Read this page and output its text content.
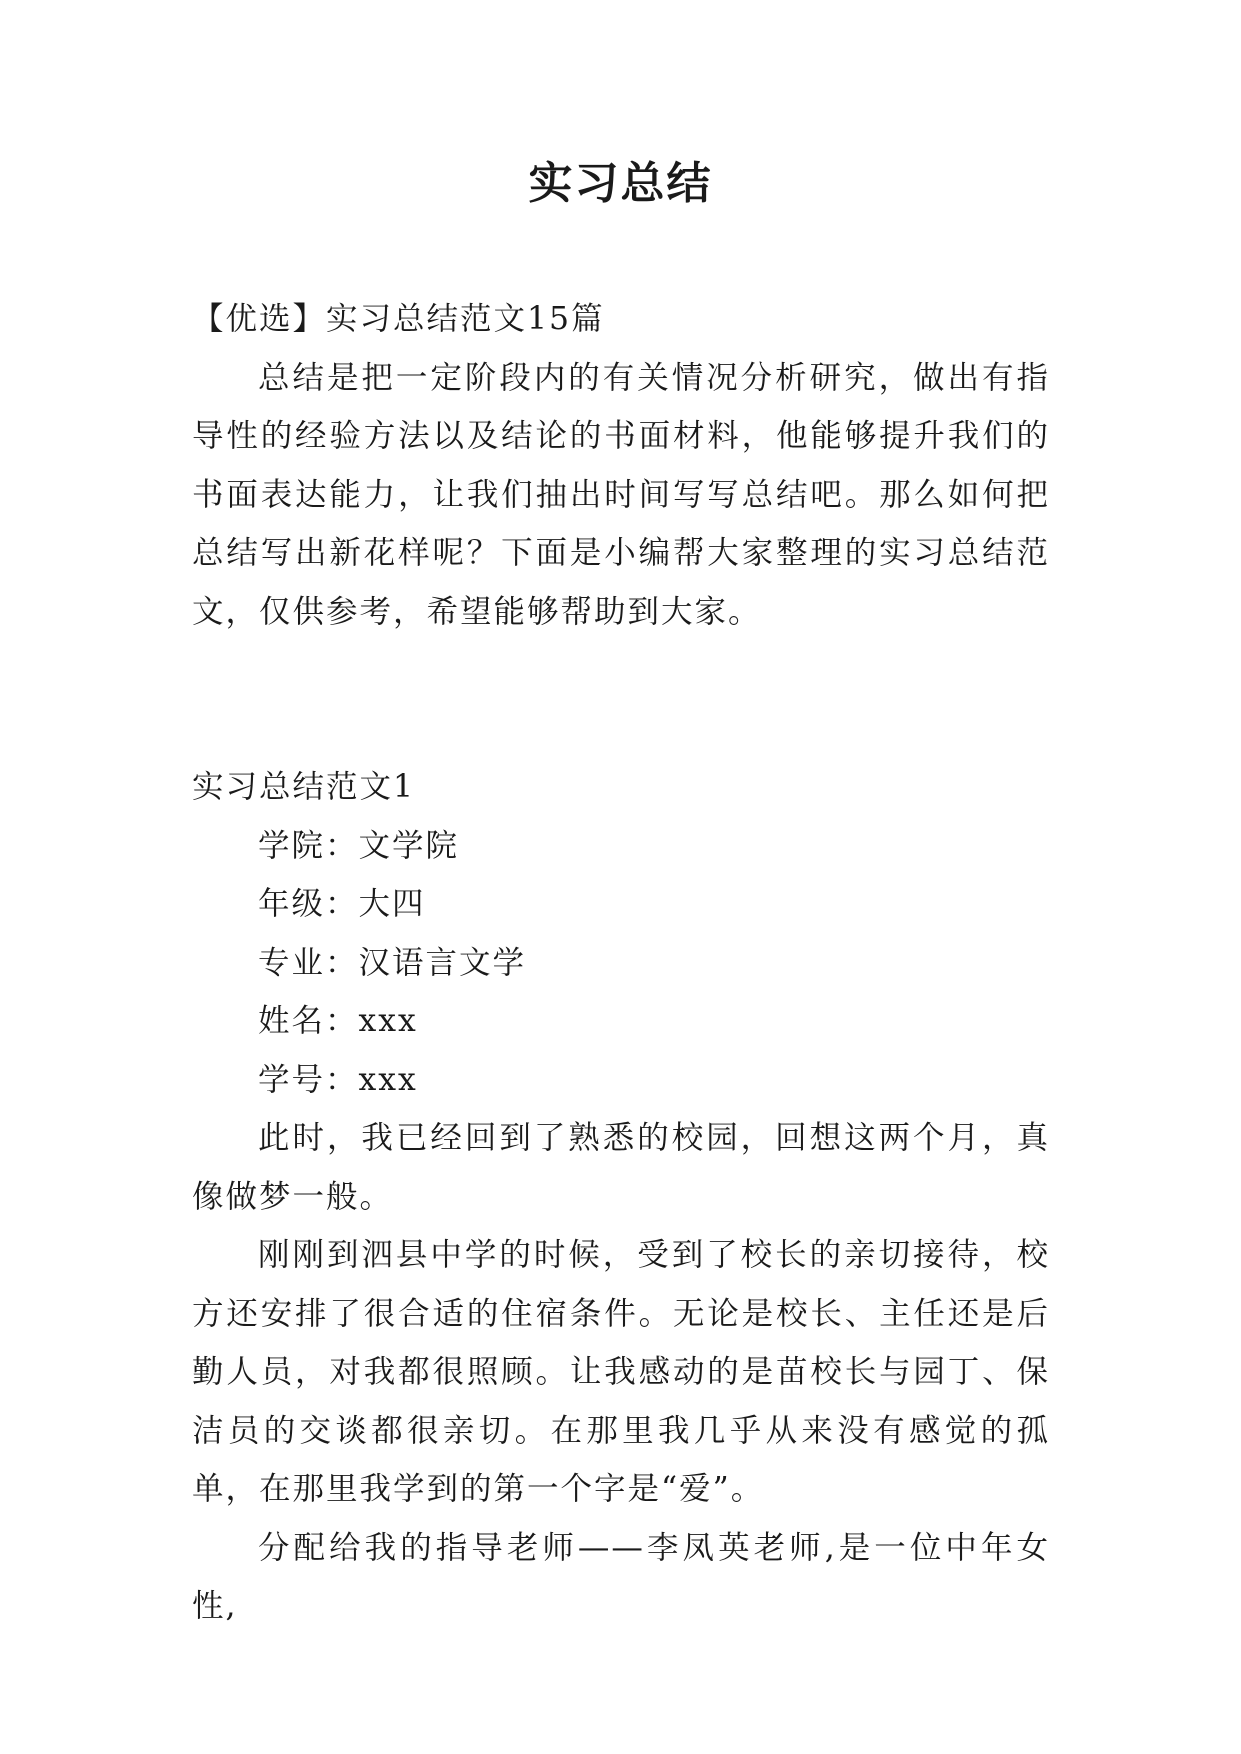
实习总结

【优选】实习总结范文15篇

总结是把一定阶段内的有关情况分析研究，做出有指导性的经验方法以及结论的书面材料，他能够提升我们的书面表达能力，让我们抽出时间写写总结吧。那么如何把总结写出新花样呢？下面是小编帮大家整理的实习总结范文，仅供参考，希望能够帮助到大家。

实习总结范文1

学院：文学院

年级：大四

专业：汉语言文学

姓名：xxx

学号：xxx

此时，我已经回到了熟悉的校园，回想这两个月，真像做梦一般。

刚刚到泗县中学的时候，受到了校长的亲切接待，校方还安排了很合适的住宿条件。无论是校长、主任还是后勤人员，对我都很照顾。让我感动的是苗校长与园丁、保洁员的交谈都很亲切。在那里我几乎从来没有感觉的孤单，在那里我学到的第一个字是“爱”。

分配给我的指导老师——李凤英老师,是一位中年女性,
